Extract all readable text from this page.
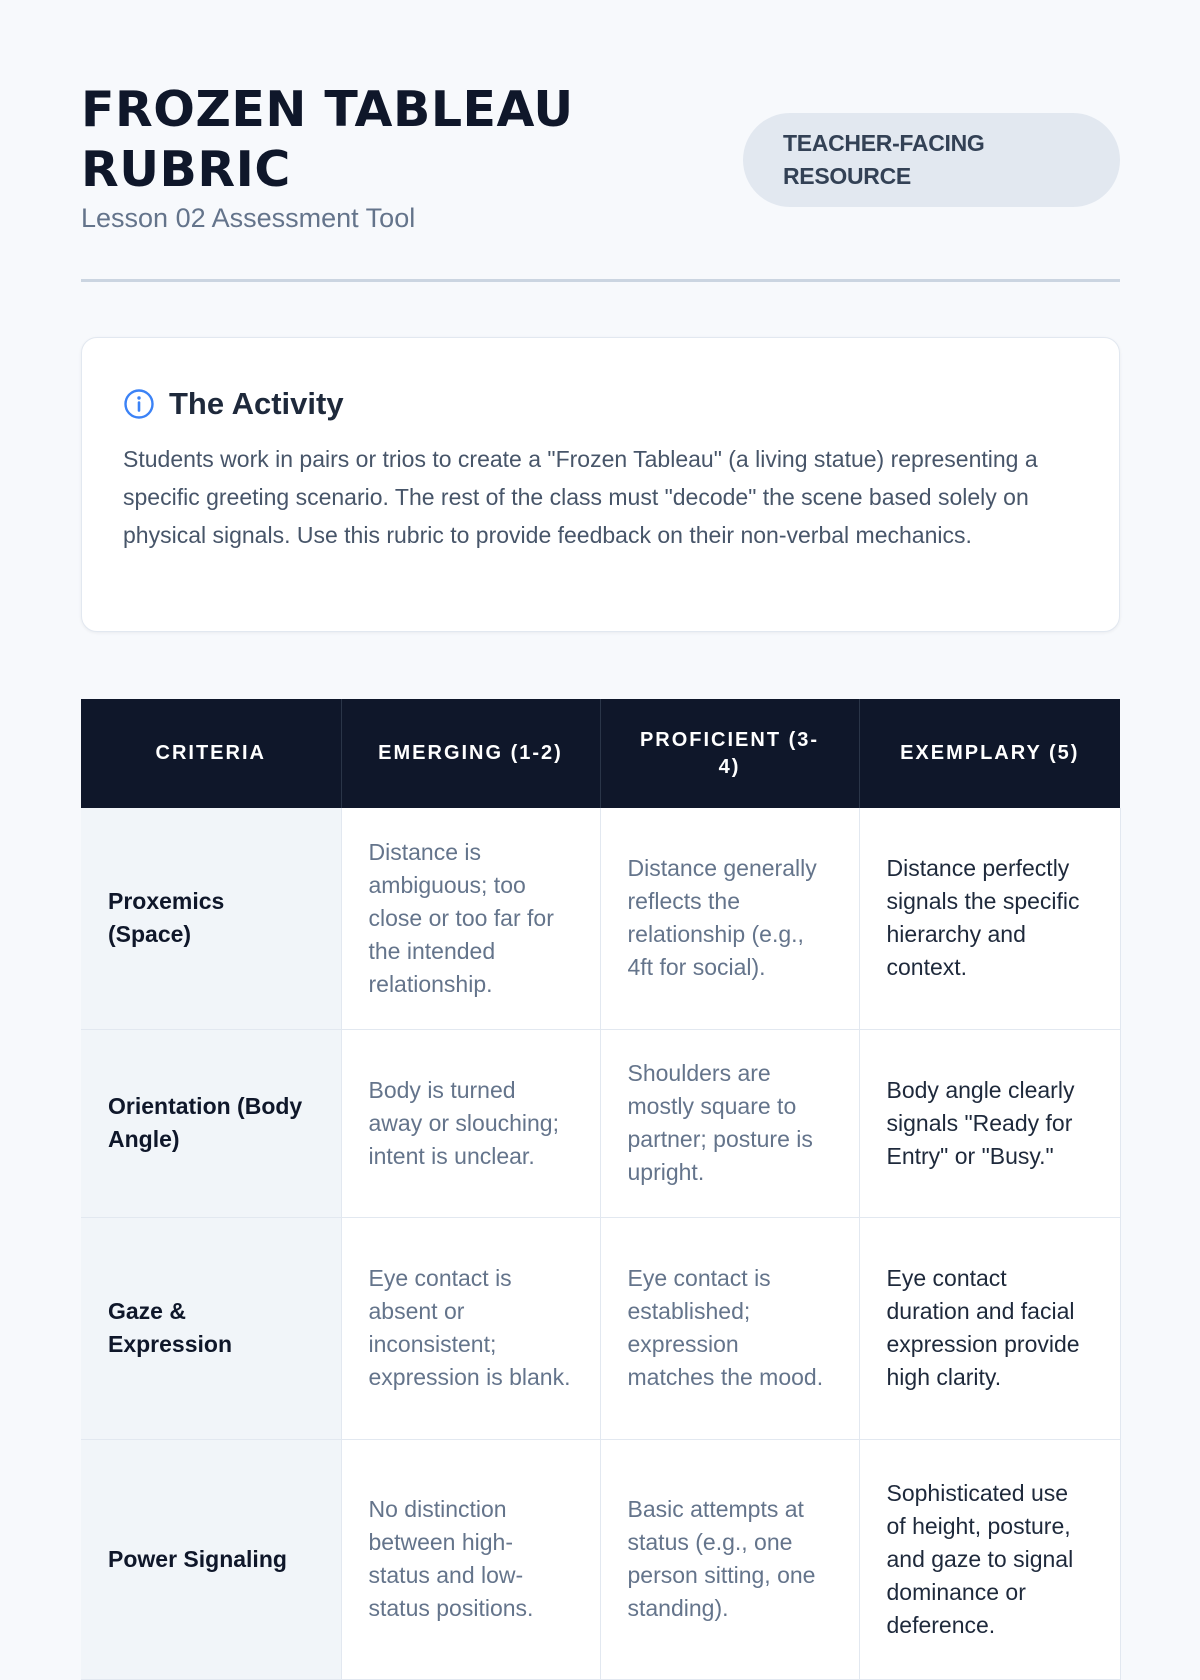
FROZEN TABLEAU RUBRIC
Lesson 02 Assessment Tool
TEACHER-FACING RESOURCE
The Activity

Students work in pairs or trios to create a "Frozen Tableau" (a living statue) representing a specific greeting scenario. The rest of the class must "decode" the scene based solely on physical signals. Use this rubric to provide feedback on their non-verbal mechanics.

CRITERIA	EMERGING (1-2)	PROFICIENT (3-4)	EXEMPLARY (5)
Proxemics (Space)	Distance is ambiguous; too close or too far for the intended relationship.	Distance generally reflects the relationship (e.g., 4ft for social).	Distance perfectly signals the specific hierarchy and context.
Orientation (Body Angle)	Body is turned away or slouching; intent is unclear.	Shoulders are mostly square to partner; posture is upright.	Body angle clearly signals "Ready for Entry" or "Busy."
Gaze & Expression	Eye contact is absent or inconsistent; expression is blank.	Eye contact is established; expression matches the mood.	Eye contact duration and facial expression provide high clarity.
Power Signaling	No distinction between high-status and low-status positions.	Basic attempts at status (e.g., one person sitting, one standing).	Sophisticated use of height, posture, and gaze to signal dominance or deference.
